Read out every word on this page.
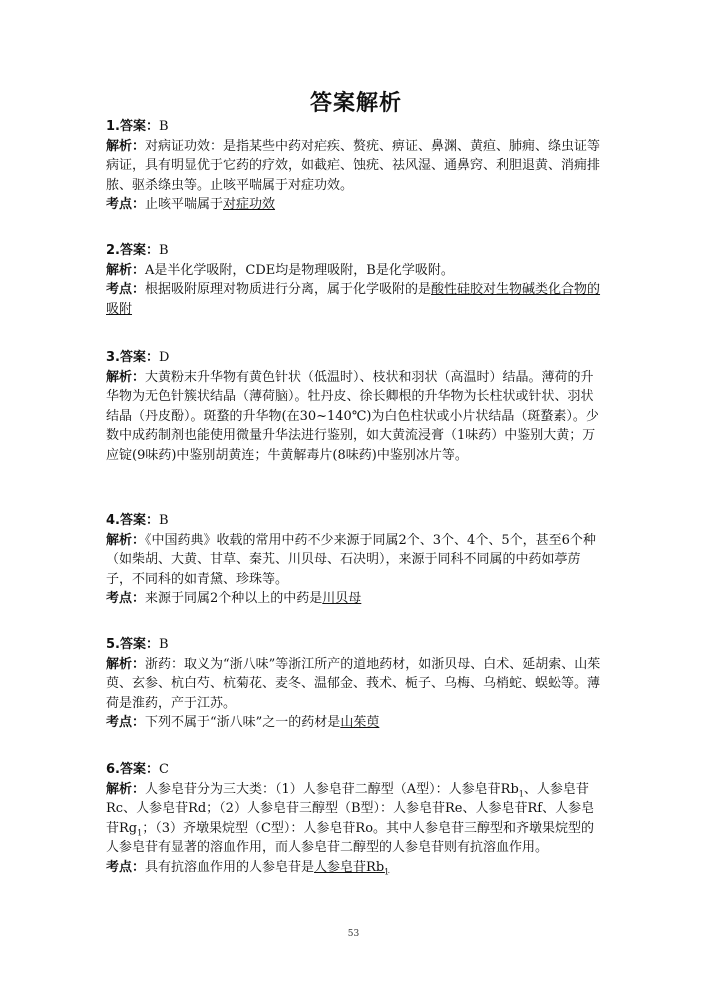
答案解析

1.答案：B

解析：对病证功效：是指某些中药对疟疾、赘疣、痹证、鼻渊、黄疸、肺痈、绦虫证等病证，具有明显优于它药的疗效，如截疟、蚀疣、祛风湿、通鼻窍、利胆退黄、消痈排脓、驱杀绦虫等。止咳平喘属于对症功效。

考点：止咳平喘属于对症功效

2.答案：B

解析：A是半化学吸附，CDE均是物理吸附，B是化学吸附。

考点：根据吸附原理对物质进行分离，属于化学吸附的是酸性硅胶对生物碱类化合物的吸附

3.答案：D

解析：大黄粉末升华物有黄色针状（低温时）、枝状和羽状（高温时）结晶。薄荷的升华物为无色针簇状结晶（薄荷脑）。牡丹皮、徐长卿根的升华物为长柱状或针状、羽状结晶（丹皮酚）。斑蝥的升华物(在30~140℃)为白色柱状或小片状结晶（斑蝥素）。少数中成药制剂也能使用微量升华法进行鉴别，如大黄流浸膏（1味药）中鉴别大黄；万应锭(9味药)中鉴别胡黄连；牛黄解毒片(8味药)中鉴别冰片等。

4.答案：B

解析：《中国药典》收载的常用中药不少来源于同属2个、3个、4个、5个，甚至6个种（如柴胡、大黄、甘草、秦艽、川贝母、石决明），来源于同科不同属的中药如葶苈子，不同科的如青黛、珍珠等。

考点：来源于同属2个种以上的中药是川贝母

5.答案：B

解析：浙药：取义为“浙八味”等浙江所产的道地药材，如浙贝母、白术、延胡索、山茱萸、玄参、杭白芍、杭菊花、麦冬、温郁金、莪术、栀子、乌梅、乌梢蛇、蜈蚣等。薄荷是淮药，产于江苏。

考点：下列不属于“浙八味”之一的药材是山茱萸

6.答案：C

解析：人参皂苷分为三大类：（1）人参皂苷二醇型（A型）：人参皂苷$Rb_1$、人参皂苷Rc、人参皂苷Rd；（2）人参皂苷三醇型（B型）：人参皂苷Re、人参皂苷Rf、人参皂苷$Rg_1$；（3）齐墩果烷型（C型）：人参皂苷Ro。其中人参皂苷三醇型和齐墩果烷型的人参皂苷有显著的溶血作用，而人参皂苷二醇型的人参皂苷则有抗溶血作用。

考点：具有抗溶血作用的人参皂苷是人参皂苷$Rb_1$

53
